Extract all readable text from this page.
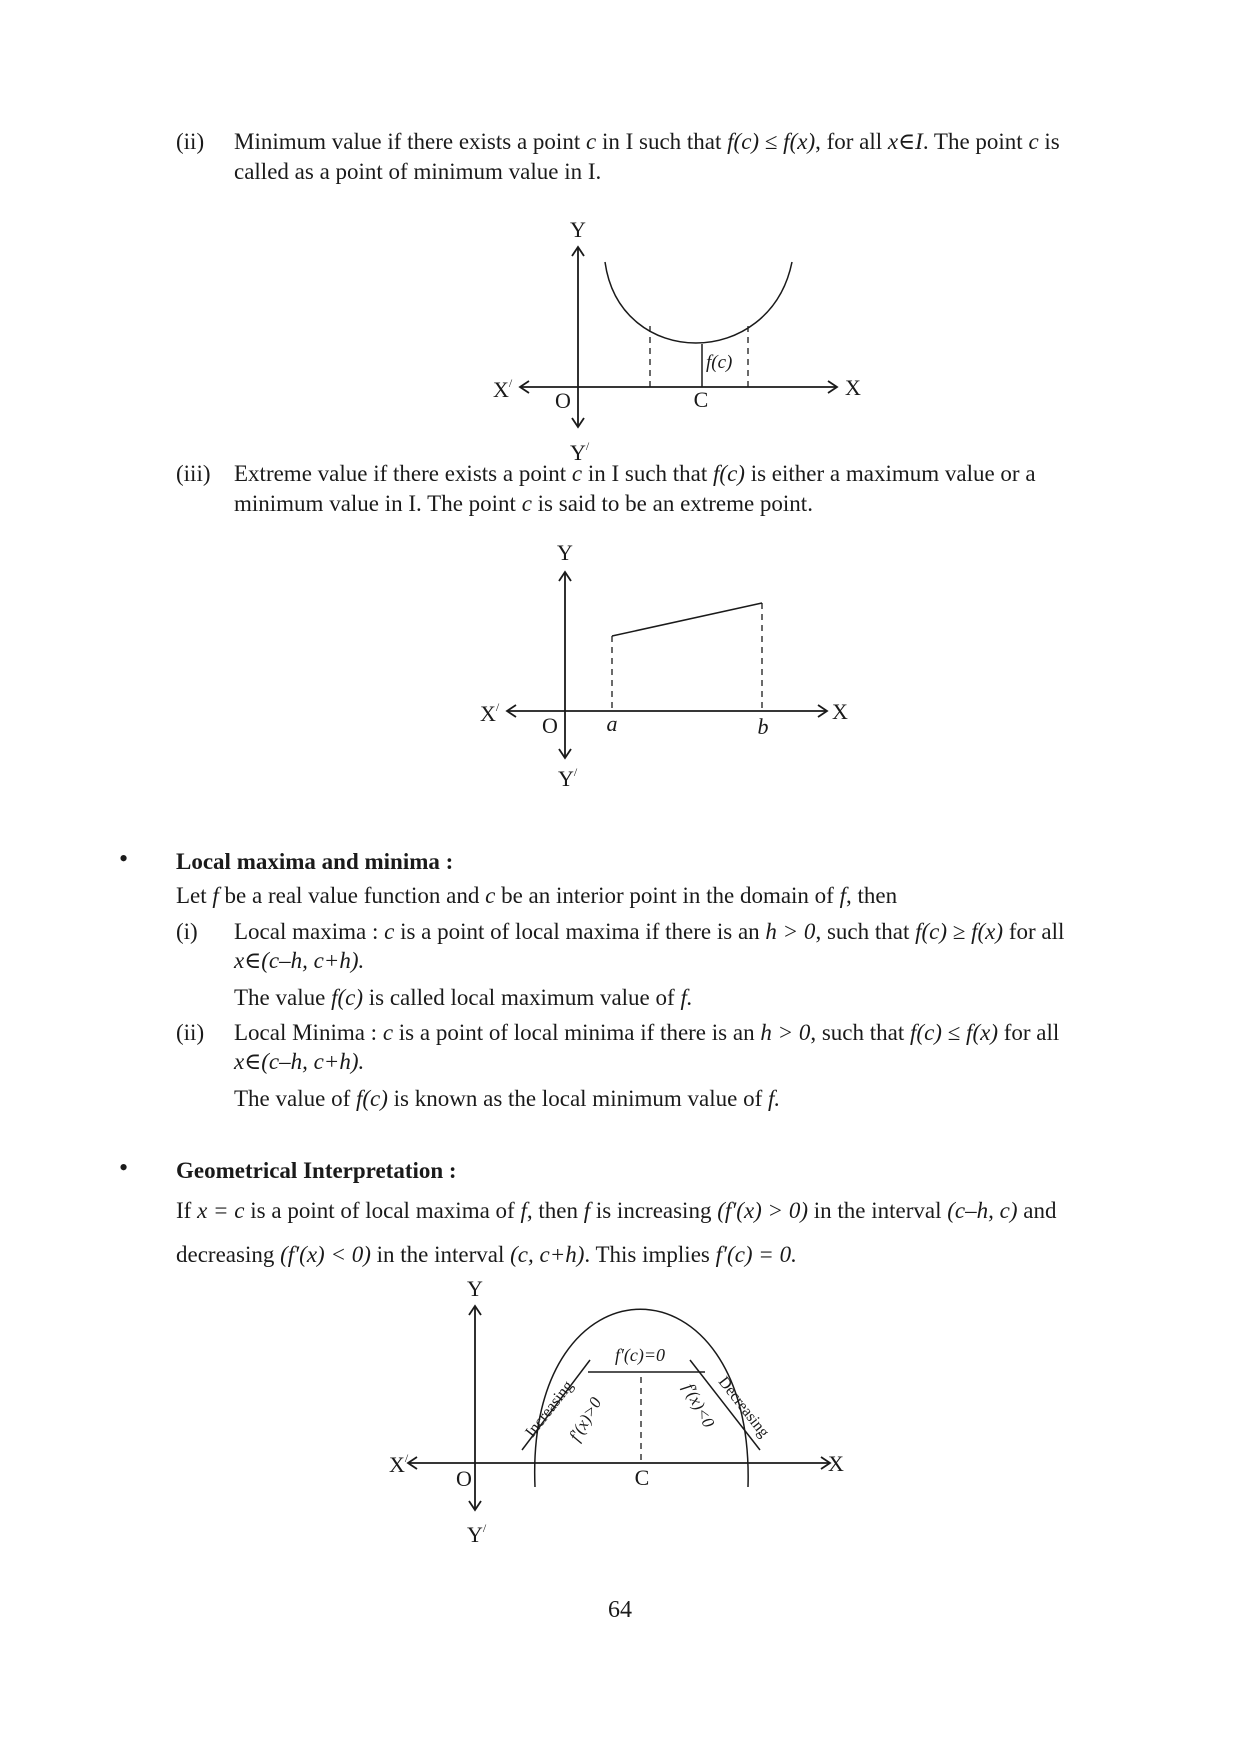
(ii) Minimum value if there exists a point c in I such that f(c) ≤ f(x), for all x∈I. The point c is
called as a point of minimum value in I.
(iii) Extreme value if there exists a point c in I such that f(c) is either a maximum value or a
minimum value in I. The point c is said to be an extreme point.
• Local maxima and minima :
Let f be a real value function and c be an interior point in the domain of f, then
(i) Local maxima : c is a point of local maxima if there is an h > 0, such that f(c) ≥ f(x) for all
x∈(c–h, c+h).
The value f(c) is called local maximum value of f.
(ii) Local Minima : c is a point of local minima if there is an h > 0, such that f(c) ≤ f(x) for all
x∈(c–h, c+h).
The value of f(c) is known as the local minimum value of f.
• Geometrical Interpretation :
If x = c is a point of local maxima of f, then f is increasing (f′(x) > 0) in the interval (c–h, c) and
decreasing (f′(x) < 0) in the interval (c, c+h). This implies f′(c) = 0.
Y
X
X/
Y/
O	C
f(c)
Y
X
X/
Y/
O a	b
Y
X
X/
Y/
O	C
f′(c)=0
Increasing
f′(x)>0	f′(x)<0
Decreasing
64
